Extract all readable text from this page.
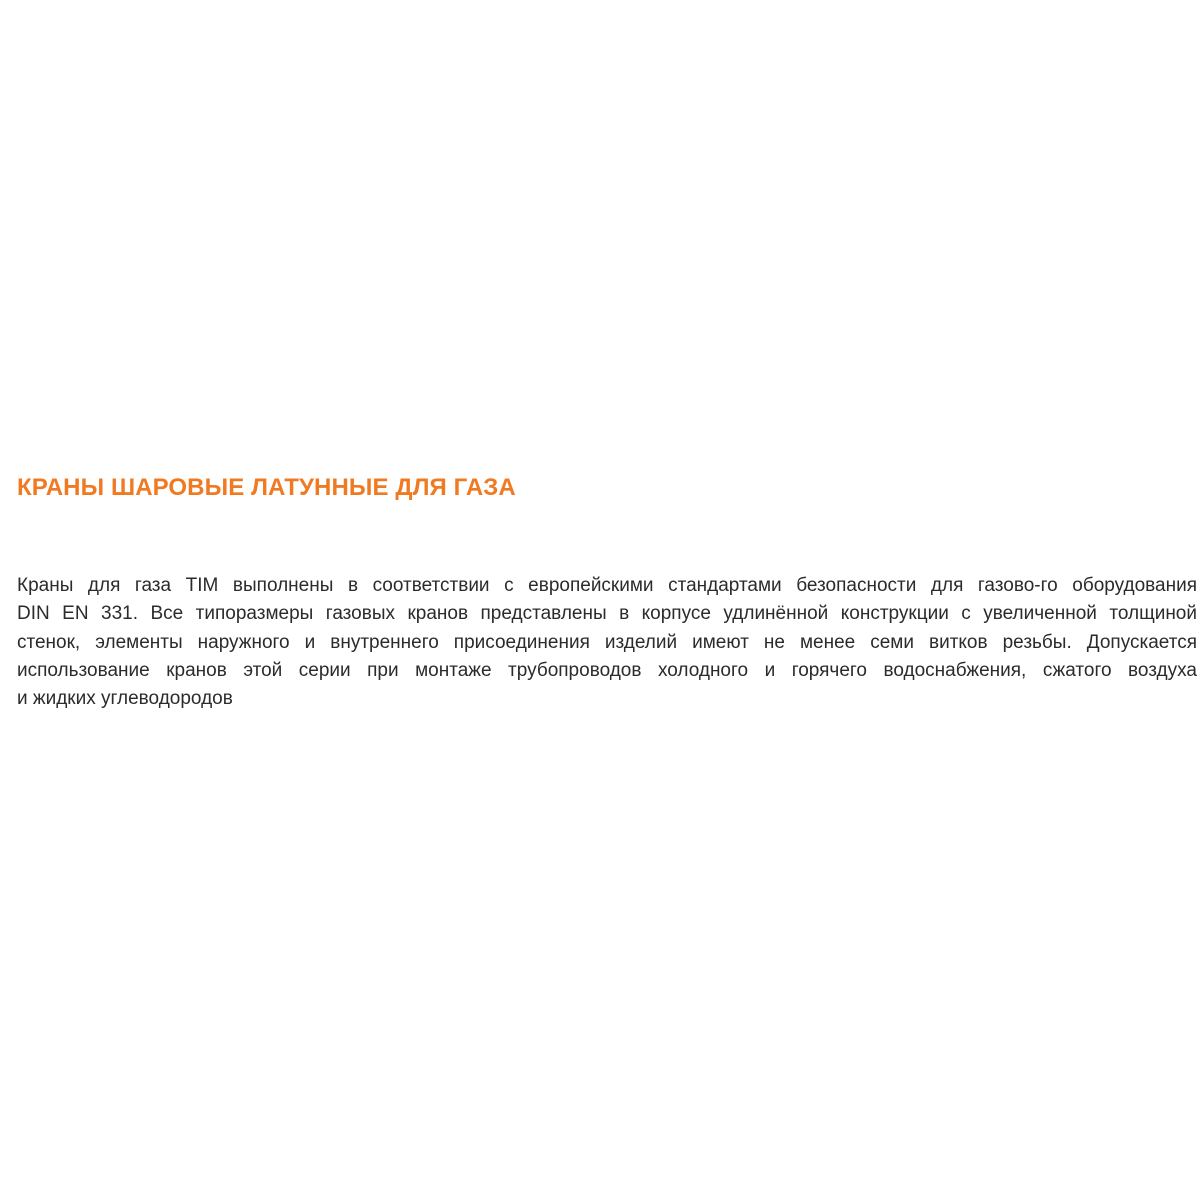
КРАНЫ ШАРОВЫЕ ЛАТУННЫЕ ДЛЯ ГАЗА

Краны для газа TIM выполнены в соответствии с европейскими стандартами безопасности для газово-го оборудования
DIN EN 331. Все типоразмеры газовых кранов представлены в корпусе удлинённой конструкции с увеличенной толщиной
стенок, элементы наружного и внутреннего присоединения изделий имеют не менее семи витков резьбы. Допускается
использование кранов этой серии при монтаже трубопроводов холодного и горячего водоснабжения, сжатого воздуха
и жидких углеводородов
